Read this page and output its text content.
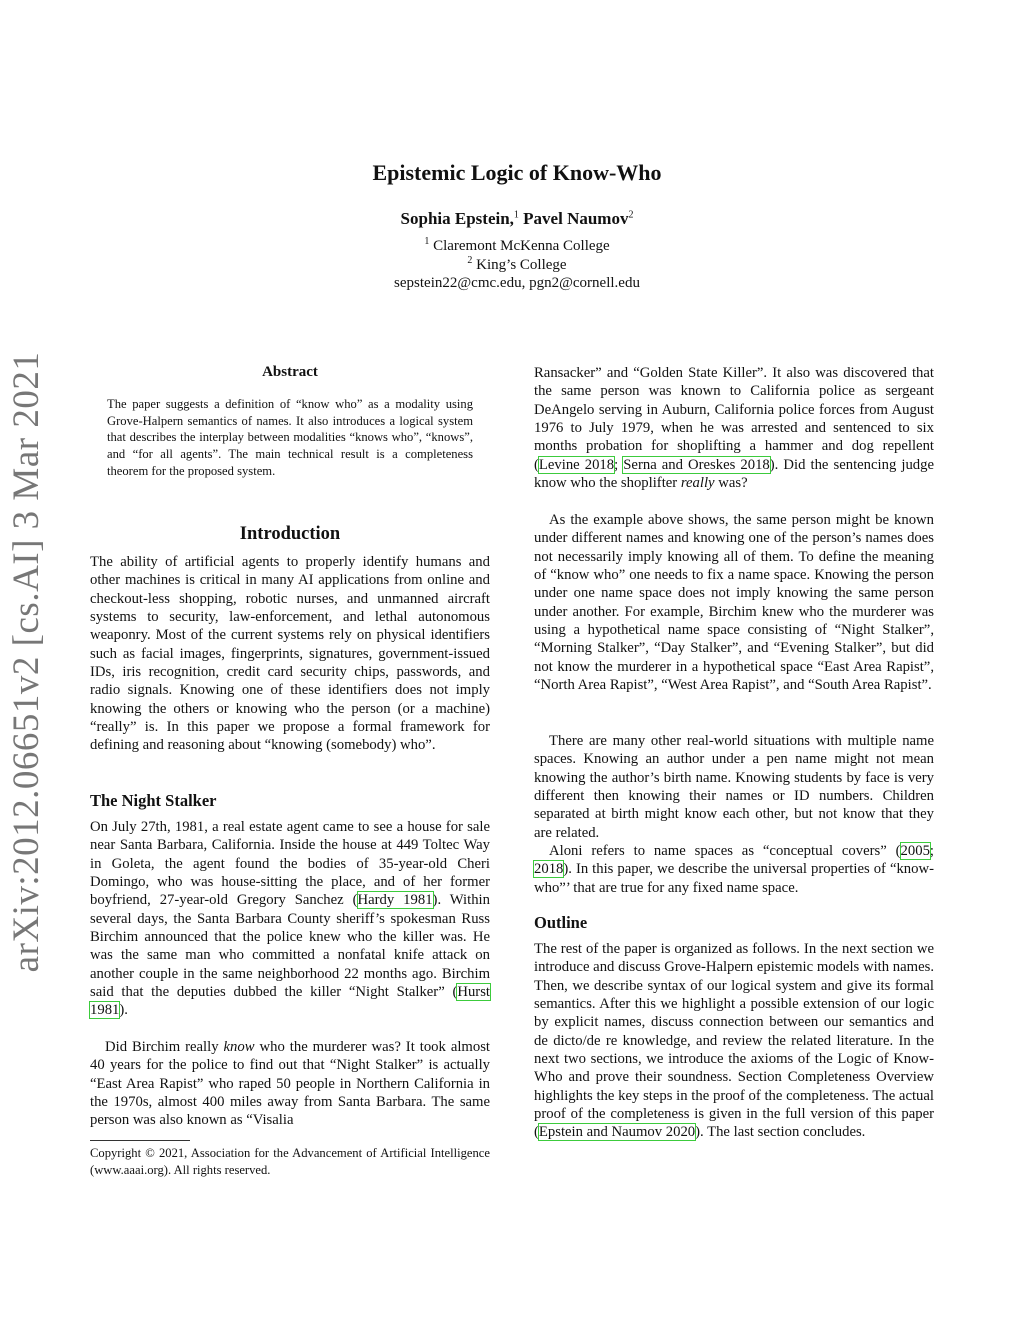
arXiv:2012.06651v2 [cs.AI] 3 Mar 2021
Epistemic Logic of Know-Who
Sophia Epstein,$^1$ Pavel Naumov$^2$
$^1$ Claremont McKenna College
$^2$ King’s College
sepstein22@cmc.edu, pgn2@cornell.edu
Abstract
The paper suggests a definition of “know who” as a modality using Grove-Halpern semantics of names. It also introduces a logical system that describes the interplay between modalities “knows who”, “knows”, and “for all agents”. The main technical result is a completeness theorem for the proposed system.
Introduction
The ability of artificial agents to properly identify humans and other machines is critical in many AI applications from online and checkout-less shopping, robotic nurses, and unmanned aircraft systems to security, law-enforcement, and lethal autonomous weaponry. Most of the current systems rely on physical identifiers such as facial images, fingerprints, signatures, government-issued IDs, iris recognition, credit card security chips, passwords, and radio signals. Knowing one of these identifiers does not imply knowing the others or knowing who the person (or a machine) “really” is. In this paper we propose a formal framework for defining and reasoning about “knowing (somebody) who”.
The Night Stalker
On July 27th, 1981, a real estate agent came to see a house for sale near Santa Barbara, California. Inside the house at 449 Toltec Way in Goleta, the agent found the bodies of 35-year-old Cheri Domingo, who was house-sitting the place, and of her former boyfriend, 27-year-old Gregory Sanchez (Hardy 1981). Within several days, the Santa Barbara County sheriff’s spokesman Russ Birchim announced that the police knew who the killer was. He was the same man who committed a nonfatal knife attack on another couple in the same neighborhood 22 months ago. Birchim said that the deputies dubbed the killer “Night Stalker” (Hurst 1981).
Did Birchim really know who the murderer was? It took almost 40 years for the police to find out that “Night Stalker” is actually “East Area Rapist” who raped 50 people in Northern California in the 1970s, almost 400 miles away from Santa Barbara. The same person was also known as “Visalia
Copyright © 2021, Association for the Advancement of Artificial Intelligence (www.aaai.org). All rights reserved.
Ransacker” and “Golden State Killer”. It also was discovered that the same person was known to California police as sergeant DeAngelo serving in Auburn, California police forces from August 1976 to July 1979, when he was arrested and sentenced to six months probation for shoplifting a hammer and dog repellent (Levine 2018; Serna and Oreskes 2018). Did the sentencing judge know who the shoplifter really was?
As the example above shows, the same person might be known under different names and knowing one of the person’s names does not necessarily imply knowing all of them. To define the meaning of “know who” one needs to fix a name space. Knowing the person under one name space does not imply knowing the same person under another. For example, Birchim knew who the murderer was using a hypothetical name space consisting of “Night Stalker”, “Morning Stalker”, “Day Stalker”, and “Evening Stalker”, but did not know the murderer in a hypothetical space “East Area Rapist”, “North Area Rapist”, “West Area Rapist”, and “South Area Rapist”.
There are many other real-world situations with multiple name spaces. Knowing an author under a pen name might not mean knowing the author’s birth name. Knowing students by face is very different then knowing their names or ID numbers. Children separated at birth might know each other, but not know that they are related.
Aloni refers to name spaces as “conceptual covers” (2005; 2018). In this paper, we describe the universal properties of “know-who”’ that are true for any fixed name space.
Outline
The rest of the paper is organized as follows. In the next section we introduce and discuss Grove-Halpern epistemic models with names. Then, we describe syntax of our logical system and give its formal semantics. After this we highlight a possible extension of our logic by explicit names, discuss connection between our semantics and de dicto/de re knowledge, and review the related literature. In the next two sections, we introduce the axioms of the Logic of Know-Who and prove their soundness. Section Completeness Overview highlights the key steps in the proof of the completeness. The actual proof of the completeness is given in the full version of this paper (Epstein and Naumov 2020). The last section concludes.
